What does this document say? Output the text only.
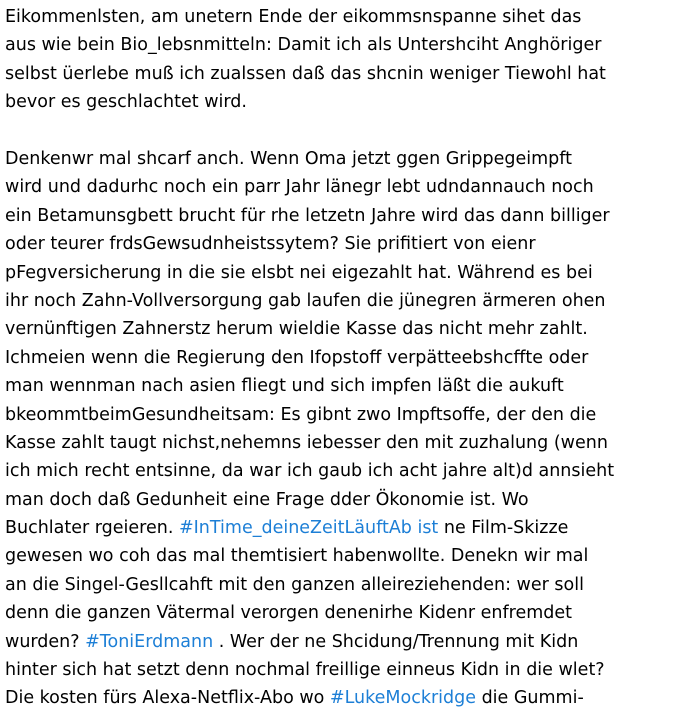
Eikommenlsten, am unetern Ende der eikommsnspanne sihet das
aus wie bein Bio_lebsnmitteln: Damit ich als Untershciht Anghöriger
selbst üerlebe muß ich zualssen daß das shcnin weniger Tiewohl hat
bevor es geschlachtet wird.
Denkenwr mal shcarf anch. Wenn Oma jetzt ggen Grippegeimpft
wird und dadurhc noch ein parr Jahr länegr lebt udndannauch noch
ein Betamunsgbett brucht für rhe letzetn Jahre wird das dann billiger
oder teurer frdsGewsudnheistssytem? Sie prifitiert von eienr
pFegversicherung in die sie elsbt nei eigezahlt hat. Während es bei
ihr noch Zahn-Vollversorgung gab laufen die jünegren ärmeren ohen
vernünftigen Zahnerstz herum wieldie Kasse das nicht mehr zahlt.
Ichmeien wenn die Regierung den Ifopstoff verpätteebshcffte oder
man wennman nach asien fliegt und sich impfen läßt die aukuft
bkeommtbeimGesundheitsam: Es gibnt zwo Impftsoffe, der den die
Kasse zahlt taugt nichst,nehemns iebesser den mit zuzhalung (wenn
ich mich recht entsinne, da war ich gaub ich acht jahre alt)d annsieht
man doch daß Gedunheit eine Frage dder Ökonomie ist. Wo
Buchlater rgeieren. #InTime_deineZeitLäuftAb ist ne Film-Skizze
gewesen wo coh das mal themtisiert habenwollte. Denekn wir mal
an die Singel-Gesllcahft mit den ganzen alleireziehenden: wer soll
denn die ganzen Vätermal verorgen denenirhe Kidenr enfremdet
wurden? #ToniErdmann . Wer der ne Shcidung/Trennung mit Kidn
hinter sich hat setzt denn nochmal freillige einneus Kidn in die wlet?
Die kosten fürs Alexa-Netflix-Abo wo #LukeMockridge die Gummi-
